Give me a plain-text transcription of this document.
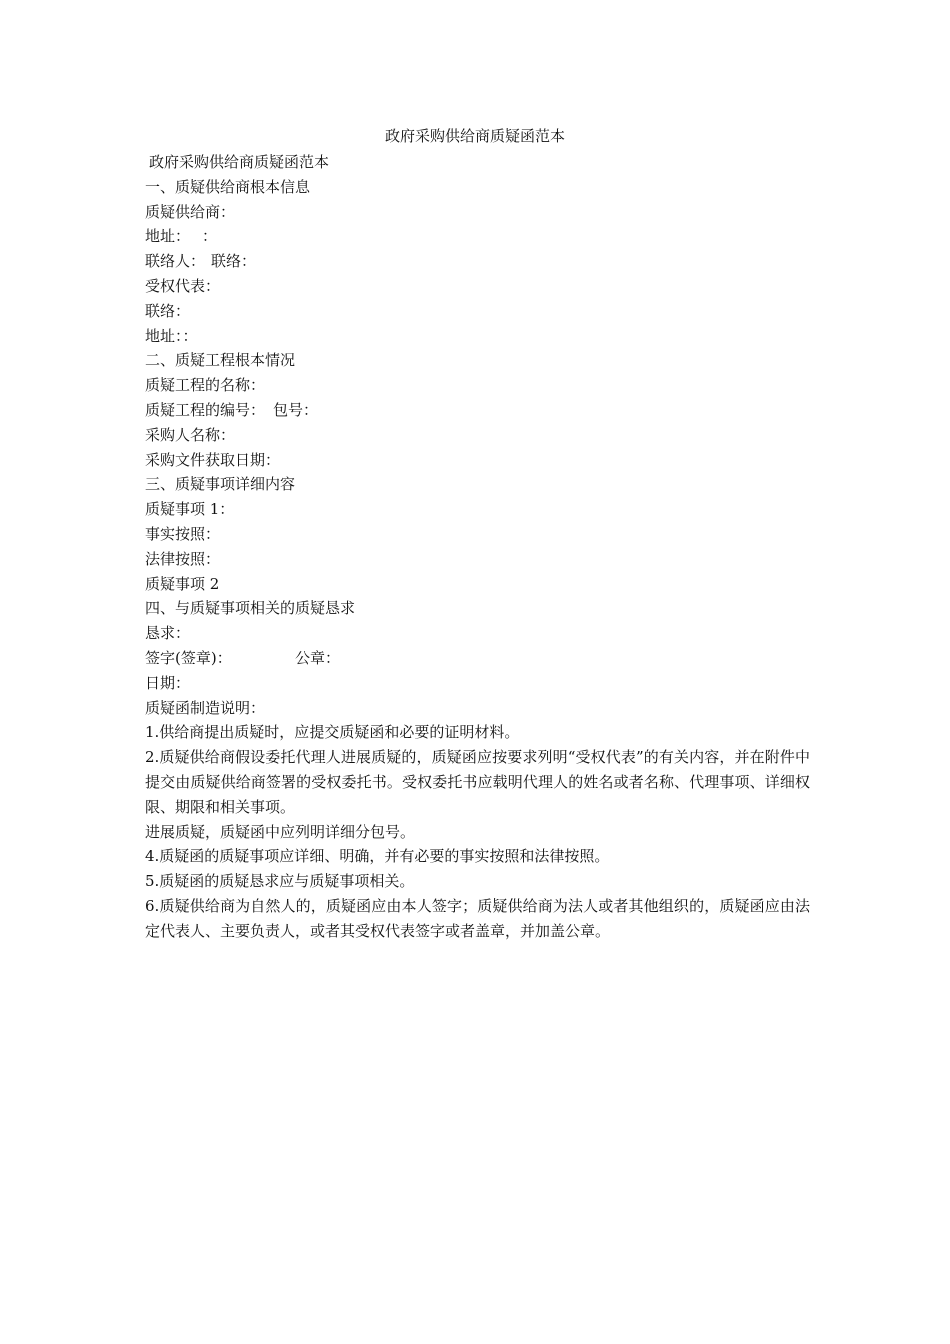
政府采购供给商质疑函范本
政府采购供给商质疑函范本
一、质疑供给商根本信息
质疑供给商：
地址： ：
联络人： 联络：
受权代表：
联络：
地址：：
二、质疑工程根本情况
质疑工程的名称：
质疑工程的编号： 包号：
采购人名称：
采购文件获取日期：
三、质疑事项详细内容
质疑事项 1：
事实按照：
法律按照：
质疑事项 2
四、与质疑事项相关的质疑恳求
恳求：
签字(签章)：	公章：
日期：
质疑函制造说明：
1.供给商提出质疑时，应提交质疑函和必要的证明材料。
2.质疑供给商假设委托代理人进展质疑的，质疑函应按要求列明“受权代表”的有关内容，并在附件中提交由质疑供给商签署的受权委托书。受权委托书应载明代理人的姓名或者名称、代理事项、详细权限、期限和相关事项。
进展质疑，质疑函中应列明详细分包号。
4.质疑函的质疑事项应详细、明确，并有必要的事实按照和法律按照。
5.质疑函的质疑恳求应与质疑事项相关。
6.质疑供给商为自然人的，质疑函应由本人签字；质疑供给商为法人或者其他组织的，质疑函应由法定代表人、主要负责人，或者其受权代表签字或者盖章，并加盖公章。
